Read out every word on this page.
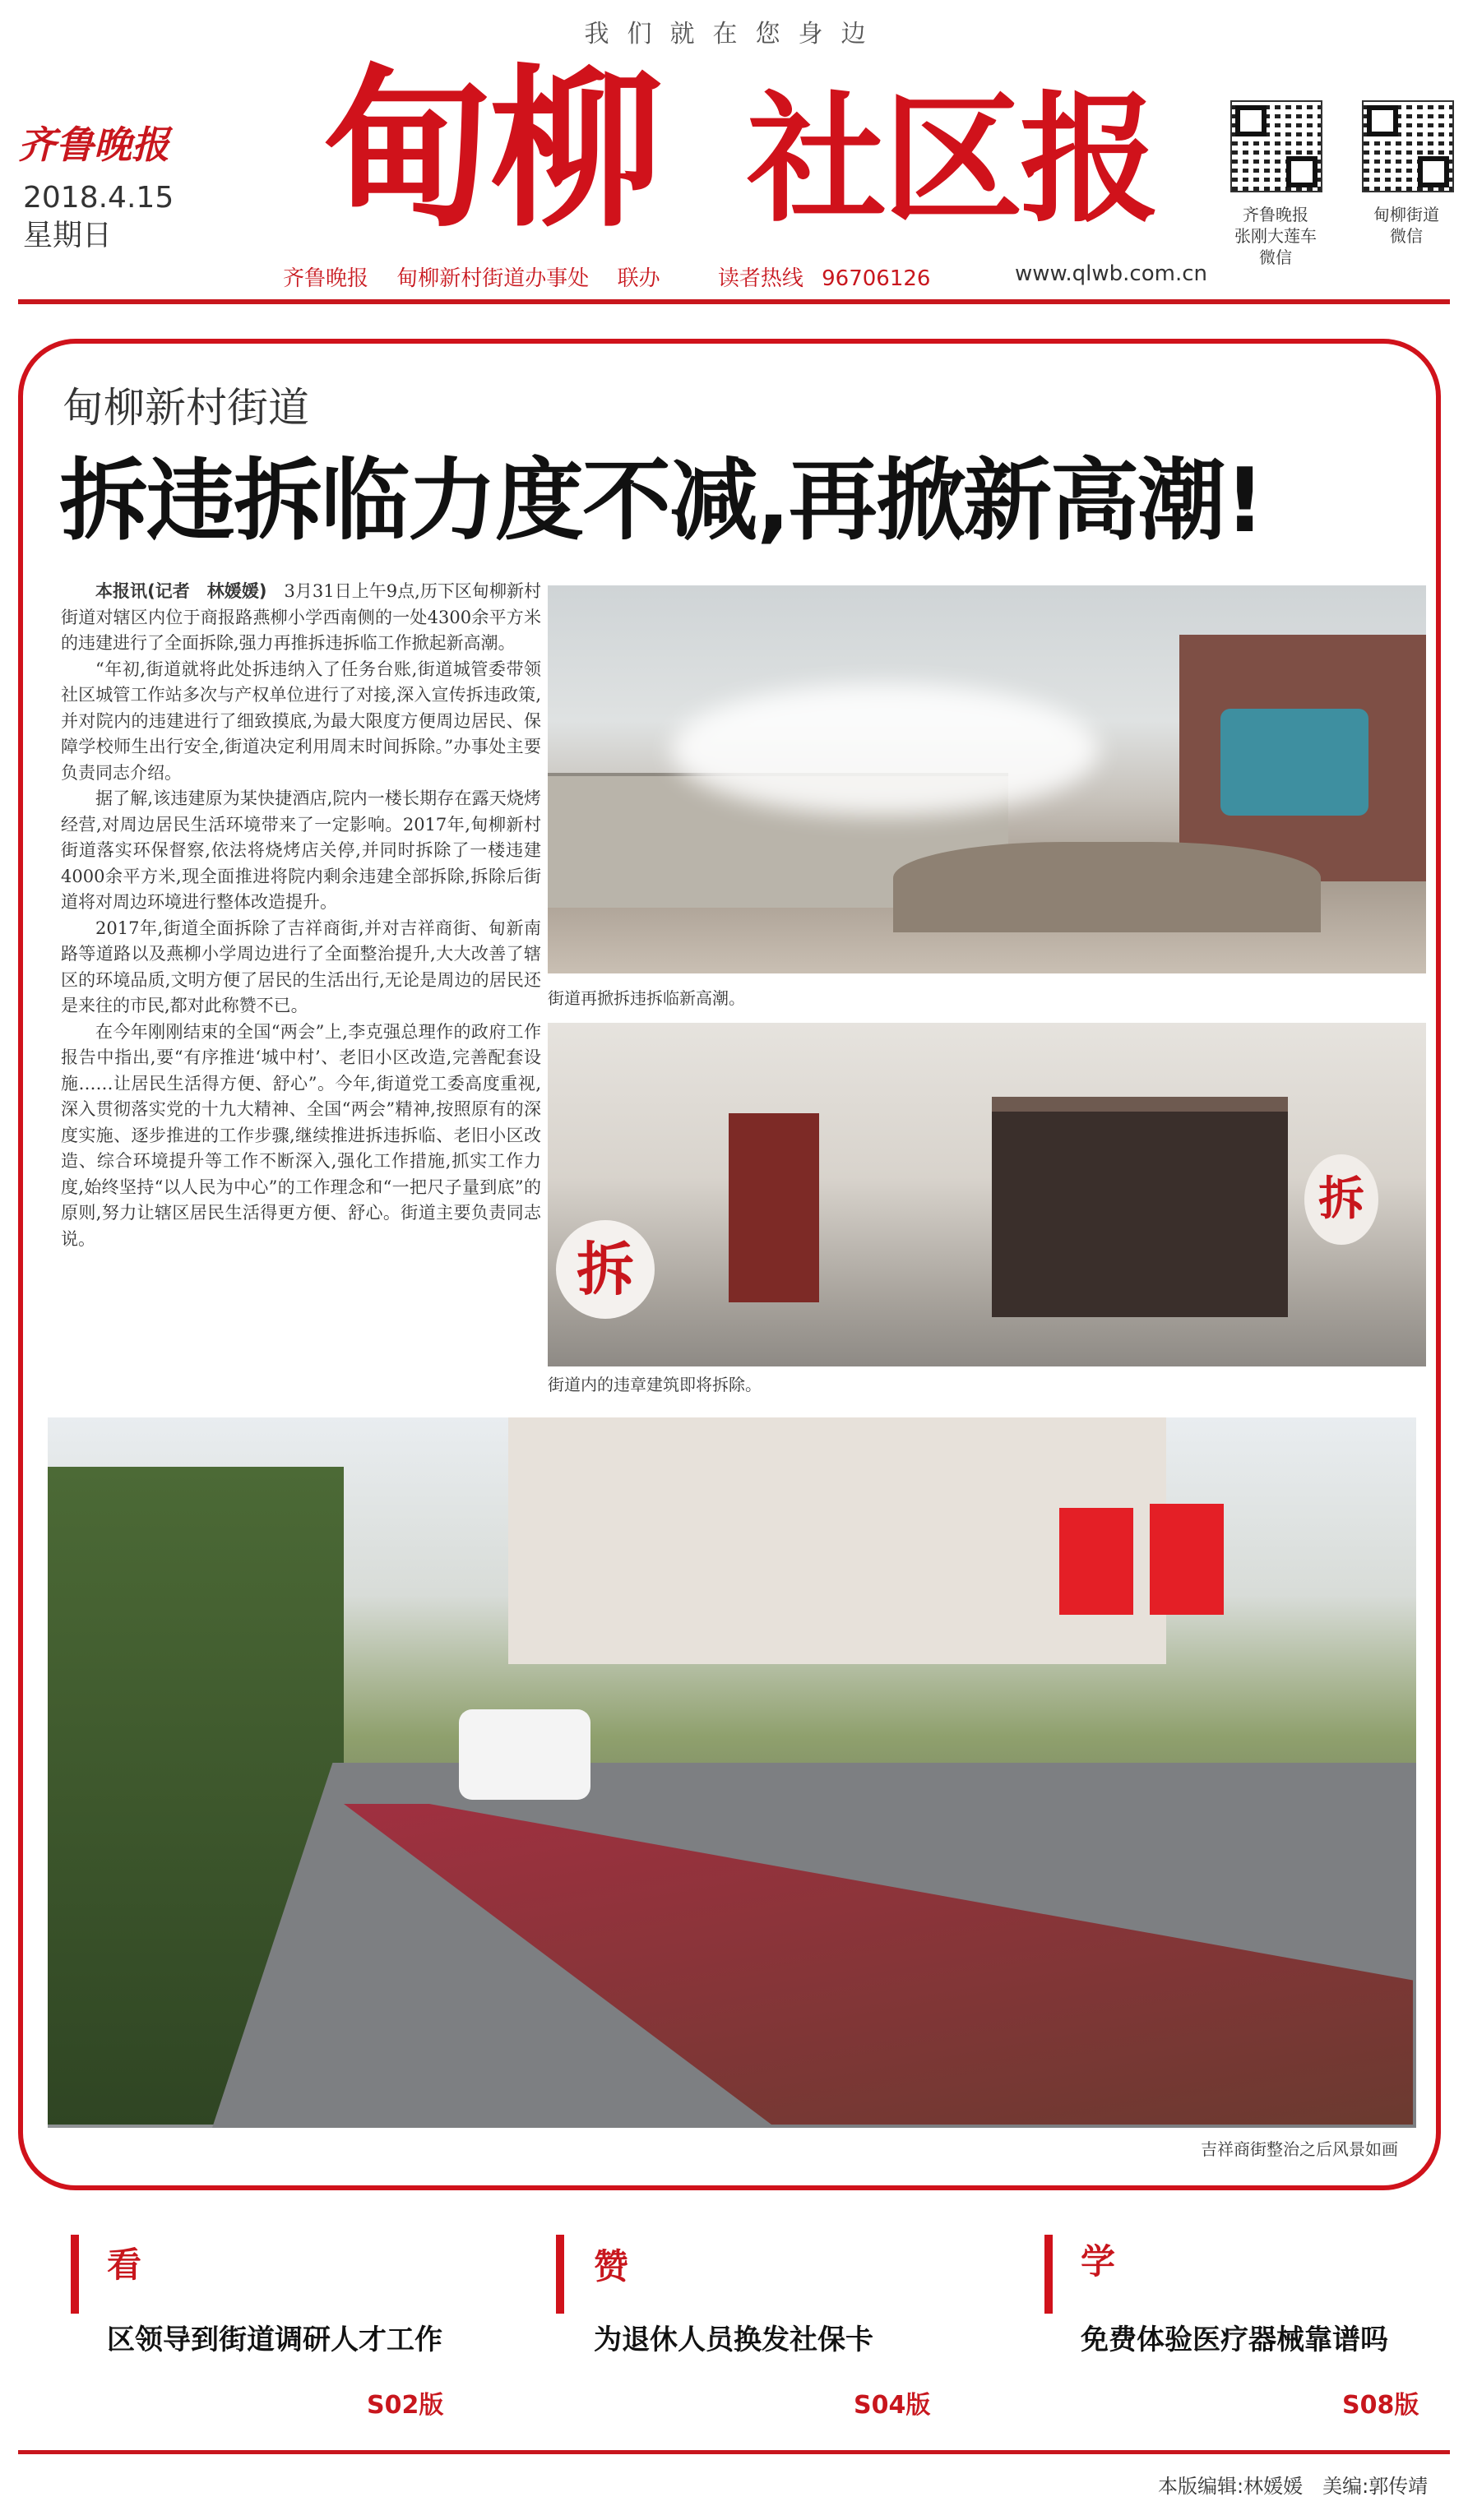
我们就在您身边
齐鲁晚报
2018.4.15
星期日	甸柳 社区报	齐鲁晚报
张刚大莲车
微信
甸柳街道
微信
齐鲁晚报 甸柳新村街道办事处 联办	读者热线 96706126	www.qlwb.com.cn
甸柳新村街道
拆违拆临力度不减,再掀新高潮!

本报讯(记者　林媛媛)　 3月31日上午9点,历下区甸柳新村街道对辖区内位于商报路燕柳小学西南侧的一处4300余平方米的违建进行了全面拆除,强力再推拆违拆临工作掀起新高潮。

“年初,街道就将此处拆违纳入了任务台账,街道城管委带领社区城管工作站多次与产权单位进行了对接,深入宣传拆违政策,并对院内的违建进行了细致摸底,为最大限度方便周边居民、保障学校师生出行安全,街道决定利用周末时间拆除。”办事处主要负责同志介绍。

据了解,该违建原为某快捷酒店,院内一楼长期存在露天烧烤经营,对周边居民生活环境带来了一定影响。2017年,甸柳新村街道落实环保督察,依法将烧烤店关停,并同时拆除了一楼违建4000余平方米,现全面推进将院内剩余违建全部拆除,拆除后街道将对周边环境进行整体改造提升。

2017年,街道全面拆除了吉祥商街,并对吉祥商街、甸新南路等道路以及燕柳小学周边进行了全面整治提升,大大改善了辖区的环境品质,文明方便了居民的生活出行,无论是周边的居民还是来往的市民,都对此称赞不已。

在今年刚刚结束的全国“两会”上,李克强总理作的政府工作报告中指出,要“有序推进‘城中村’、老旧小区改造,完善配套设施……让居民生活得方便、舒心”。今年,街道党工委高度重视,深入贯彻落实党的十九大精神、全国“两会”精神,按照原有的深度实施、逐步推进的工作步骤,继续推进拆违拆临、老旧小区改造、综合环境提升等工作不断深入,强化工作措施,抓实工作力度,始终坚持“以人民为中心”的工作理念和“一把尺子量到底”的原则,努力让辖区居民生活得更方便、舒心。街道主要负责同志说。

街道再掀拆违拆临新高潮。
拆
拆
街道内的违章建筑即将拆除。
吉祥商街整治之后风景如画
看
区领导到街道调研人才工作
S02版
赞
为退休人员换发社保卡
S04版
学
免费体验医疗器械靠谱吗
S08版
本版编辑:林媛媛　 美编:郭传靖
